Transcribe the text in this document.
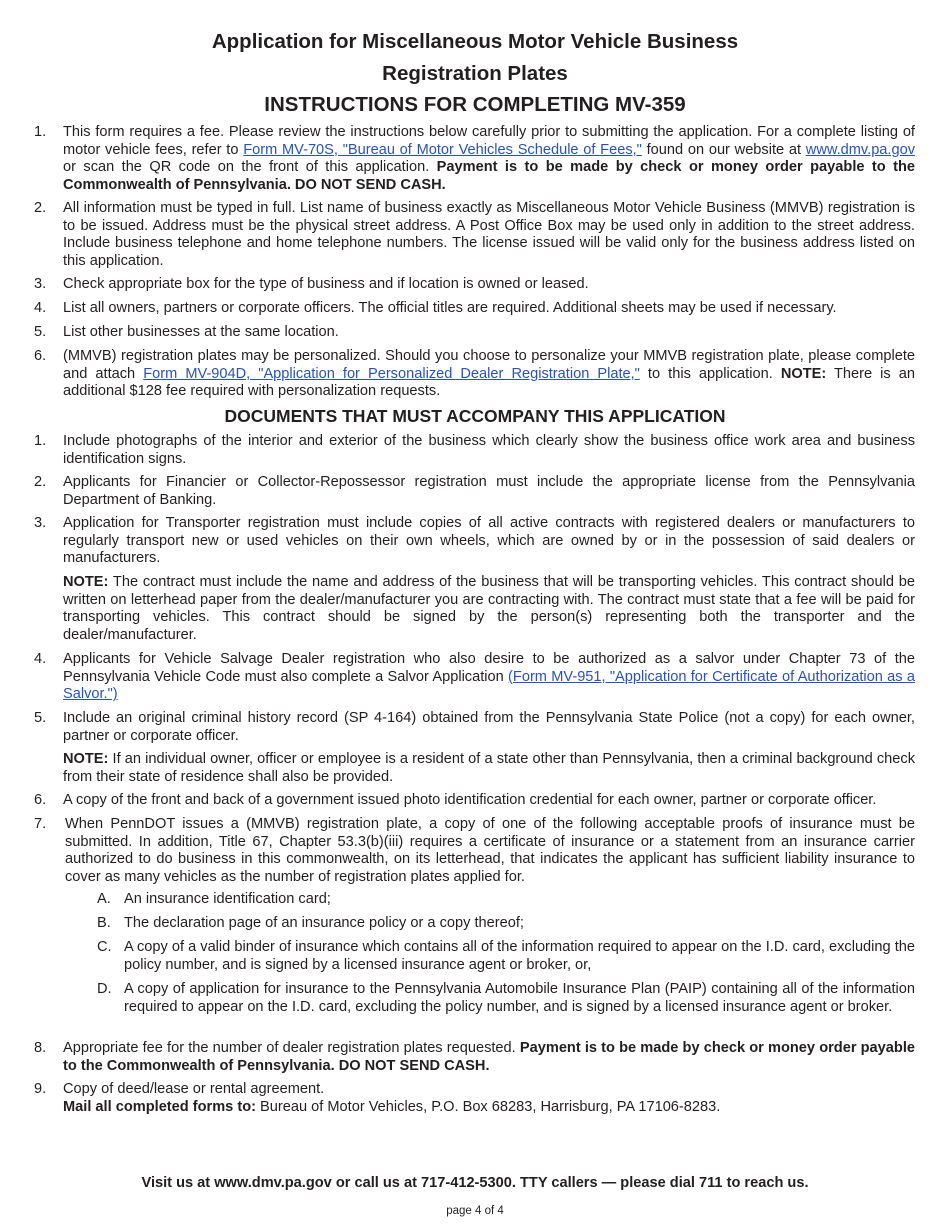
Application for Miscellaneous Motor Vehicle Business
Registration Plates
INSTRUCTIONS FOR COMPLETING MV-359
1.	This form requires a fee. Please review the instructions below carefully prior to submitting the application. For a complete listing of motor vehicle fees, refer to Form MV-70S, "Bureau of Motor Vehicles Schedule of Fees," found on our website at www.dmv.pa.gov or scan the QR code on the front of this application. Payment is to be made by check or money order payable to the Commonwealth of Pennsylvania. DO NOT SEND CASH.
2.	All information must be typed in full. List name of business exactly as Miscellaneous Motor Vehicle Business (MMVB) registration is to be issued. Address must be the physical street address. A Post Office Box may be used only in addition to the street address. Include business telephone and home telephone numbers. The license issued will be valid only for the business address listed on this application.
3.	Check appropriate box for the type of business and if location is owned or leased.
4.	List all owners, partners or corporate officers. The official titles are required. Additional sheets may be used if necessary.
5.	List other businesses at the same location.
6.	(MMVB) registration plates may be personalized. Should you choose to personalize your MMVB registration plate, please complete and attach Form MV-904D, "Application for Personalized Dealer Registration Plate," to this application. NOTE: There is an additional $128 fee required with personalization requests.
DOCUMENTS THAT MUST ACCOMPANY THIS APPLICATION
1.	Include photographs of the interior and exterior of the business which clearly show the business office work area and business identification signs.
2.	Applicants for Financier or Collector-Repossessor registration must include the appropriate license from the Pennsylvania Department of Banking.
3.	Application for Transporter registration must include copies of all active contracts with registered dealers or manufacturers to regularly transport new or used vehicles on their own wheels, which are owned by or in the possession of said dealers or manufacturers.
NOTE: The contract must include the name and address of the business that will be transporting vehicles. This contract should be written on letterhead paper from the dealer/manufacturer you are contracting with. The contract must state that a fee will be paid for transporting vehicles. This contract should be signed by the person(s) representing both the transporter and the dealer/manufacturer.
4.	Applicants for Vehicle Salvage Dealer registration who also desire to be authorized as a salvor under Chapter 73 of the Pennsylvania Vehicle Code must also complete a Salvor Application (Form MV-951, "Application for Certificate of Authorization as a Salvor.")
5.	Include an original criminal history record (SP 4-164) obtained from the Pennsylvania State Police (not a copy) for each owner, partner or corporate officer.
NOTE: If an individual owner, officer or employee is a resident of a state other than Pennsylvania, then a criminal background check from their state of residence shall also be provided.
6.	A copy of the front and back of a government issued photo identification credential for each owner, partner or corporate officer.
7.	When PennDOT issues a (MMVB) registration plate, a copy of one of the following acceptable proofs of insurance must be submitted. In addition, Title 67, Chapter 53.3(b)(iii) requires a certificate of insurance or a statement from an insurance carrier authorized to do business in this commonwealth, on its letterhead, that indicates the applicant has sufficient liability insurance to cover as many vehicles as the number of registration plates applied for.
A. An insurance identification card;
B. The declaration page of an insurance policy or a copy thereof;
C. A copy of a valid binder of insurance which contains all of the information required to appear on the I.D. card, excluding the policy number, and is signed by a licensed insurance agent or broker, or,
D. A copy of application for insurance to the Pennsylvania Automobile Insurance Plan (PAIP) containing all of the information required to appear on the I.D. card, excluding the policy number, and is signed by a licensed insurance agent or broker.
8.	Appropriate fee for the number of dealer registration plates requested. Payment is to be made by check or money order payable to the Commonwealth of Pennsylvania. DO NOT SEND CASH.
9.	Copy of deed/lease or rental agreement.
Mail all completed forms to: Bureau of Motor Vehicles, P.O. Box 68283, Harrisburg, PA 17106-8283.
Visit us at www.dmv.pa.gov or call us at 717-412-5300. TTY callers — please dial 711 to reach us.
page 4 of 4
